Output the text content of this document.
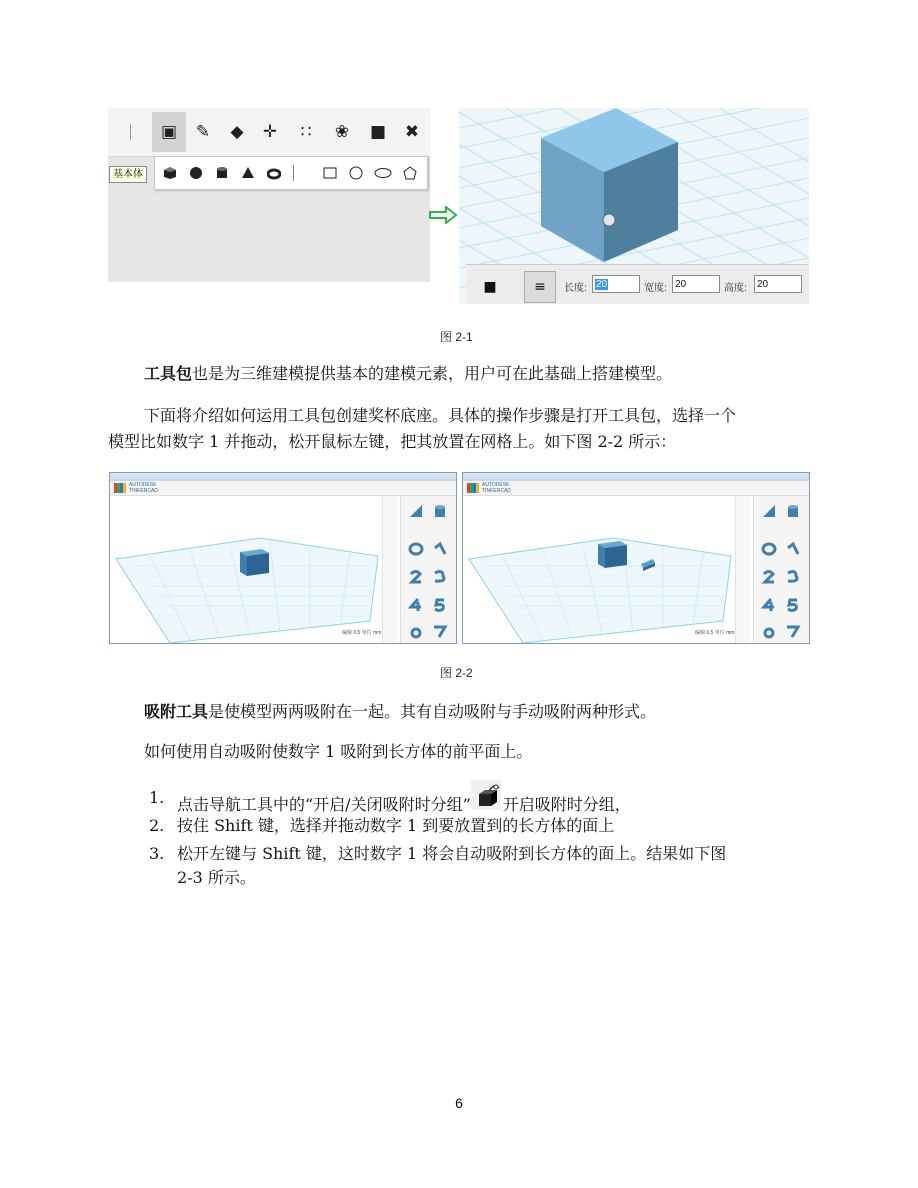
▣ ✎	◆	✛	∷	❀ ■ ✖
基本体
■	≡	长度: 20	宽度: 20	高度:	20
图 2-1
工具包也是为三维建模提供基本的建模元素，用户可在此基础上搭建模型。
下面将介绍如何运用工具包创建奖杯底座。具体的操作步骤是打开工具包，选择一个
模型比如数字 1 并拖动，松开鼠标左键，把其放置在网格上。如下图 2-2 所示：
AUTODESK
TINKERCAD
编辑 0.5 单位 mm
AUTODESK
TINKERCAD
编辑 0.5 单位 mm
图 2-2
吸附工具是使模型两两吸附在一起。其有自动吸附与手动吸附两种形式。
如何使用自动吸附使数字 1 吸附到长方体的前平面上。
1. 点击导航工具中的“开启/关闭吸附时分组” 开启吸附时分组，
2. 按住 Shift 键，选择并拖动数字 1 到要放置到的长方体的面上
3. 松开左键与 Shift 键，这时数字 1 将会自动吸附到长方体的面上。结果如下图
2-3 所示。
6
